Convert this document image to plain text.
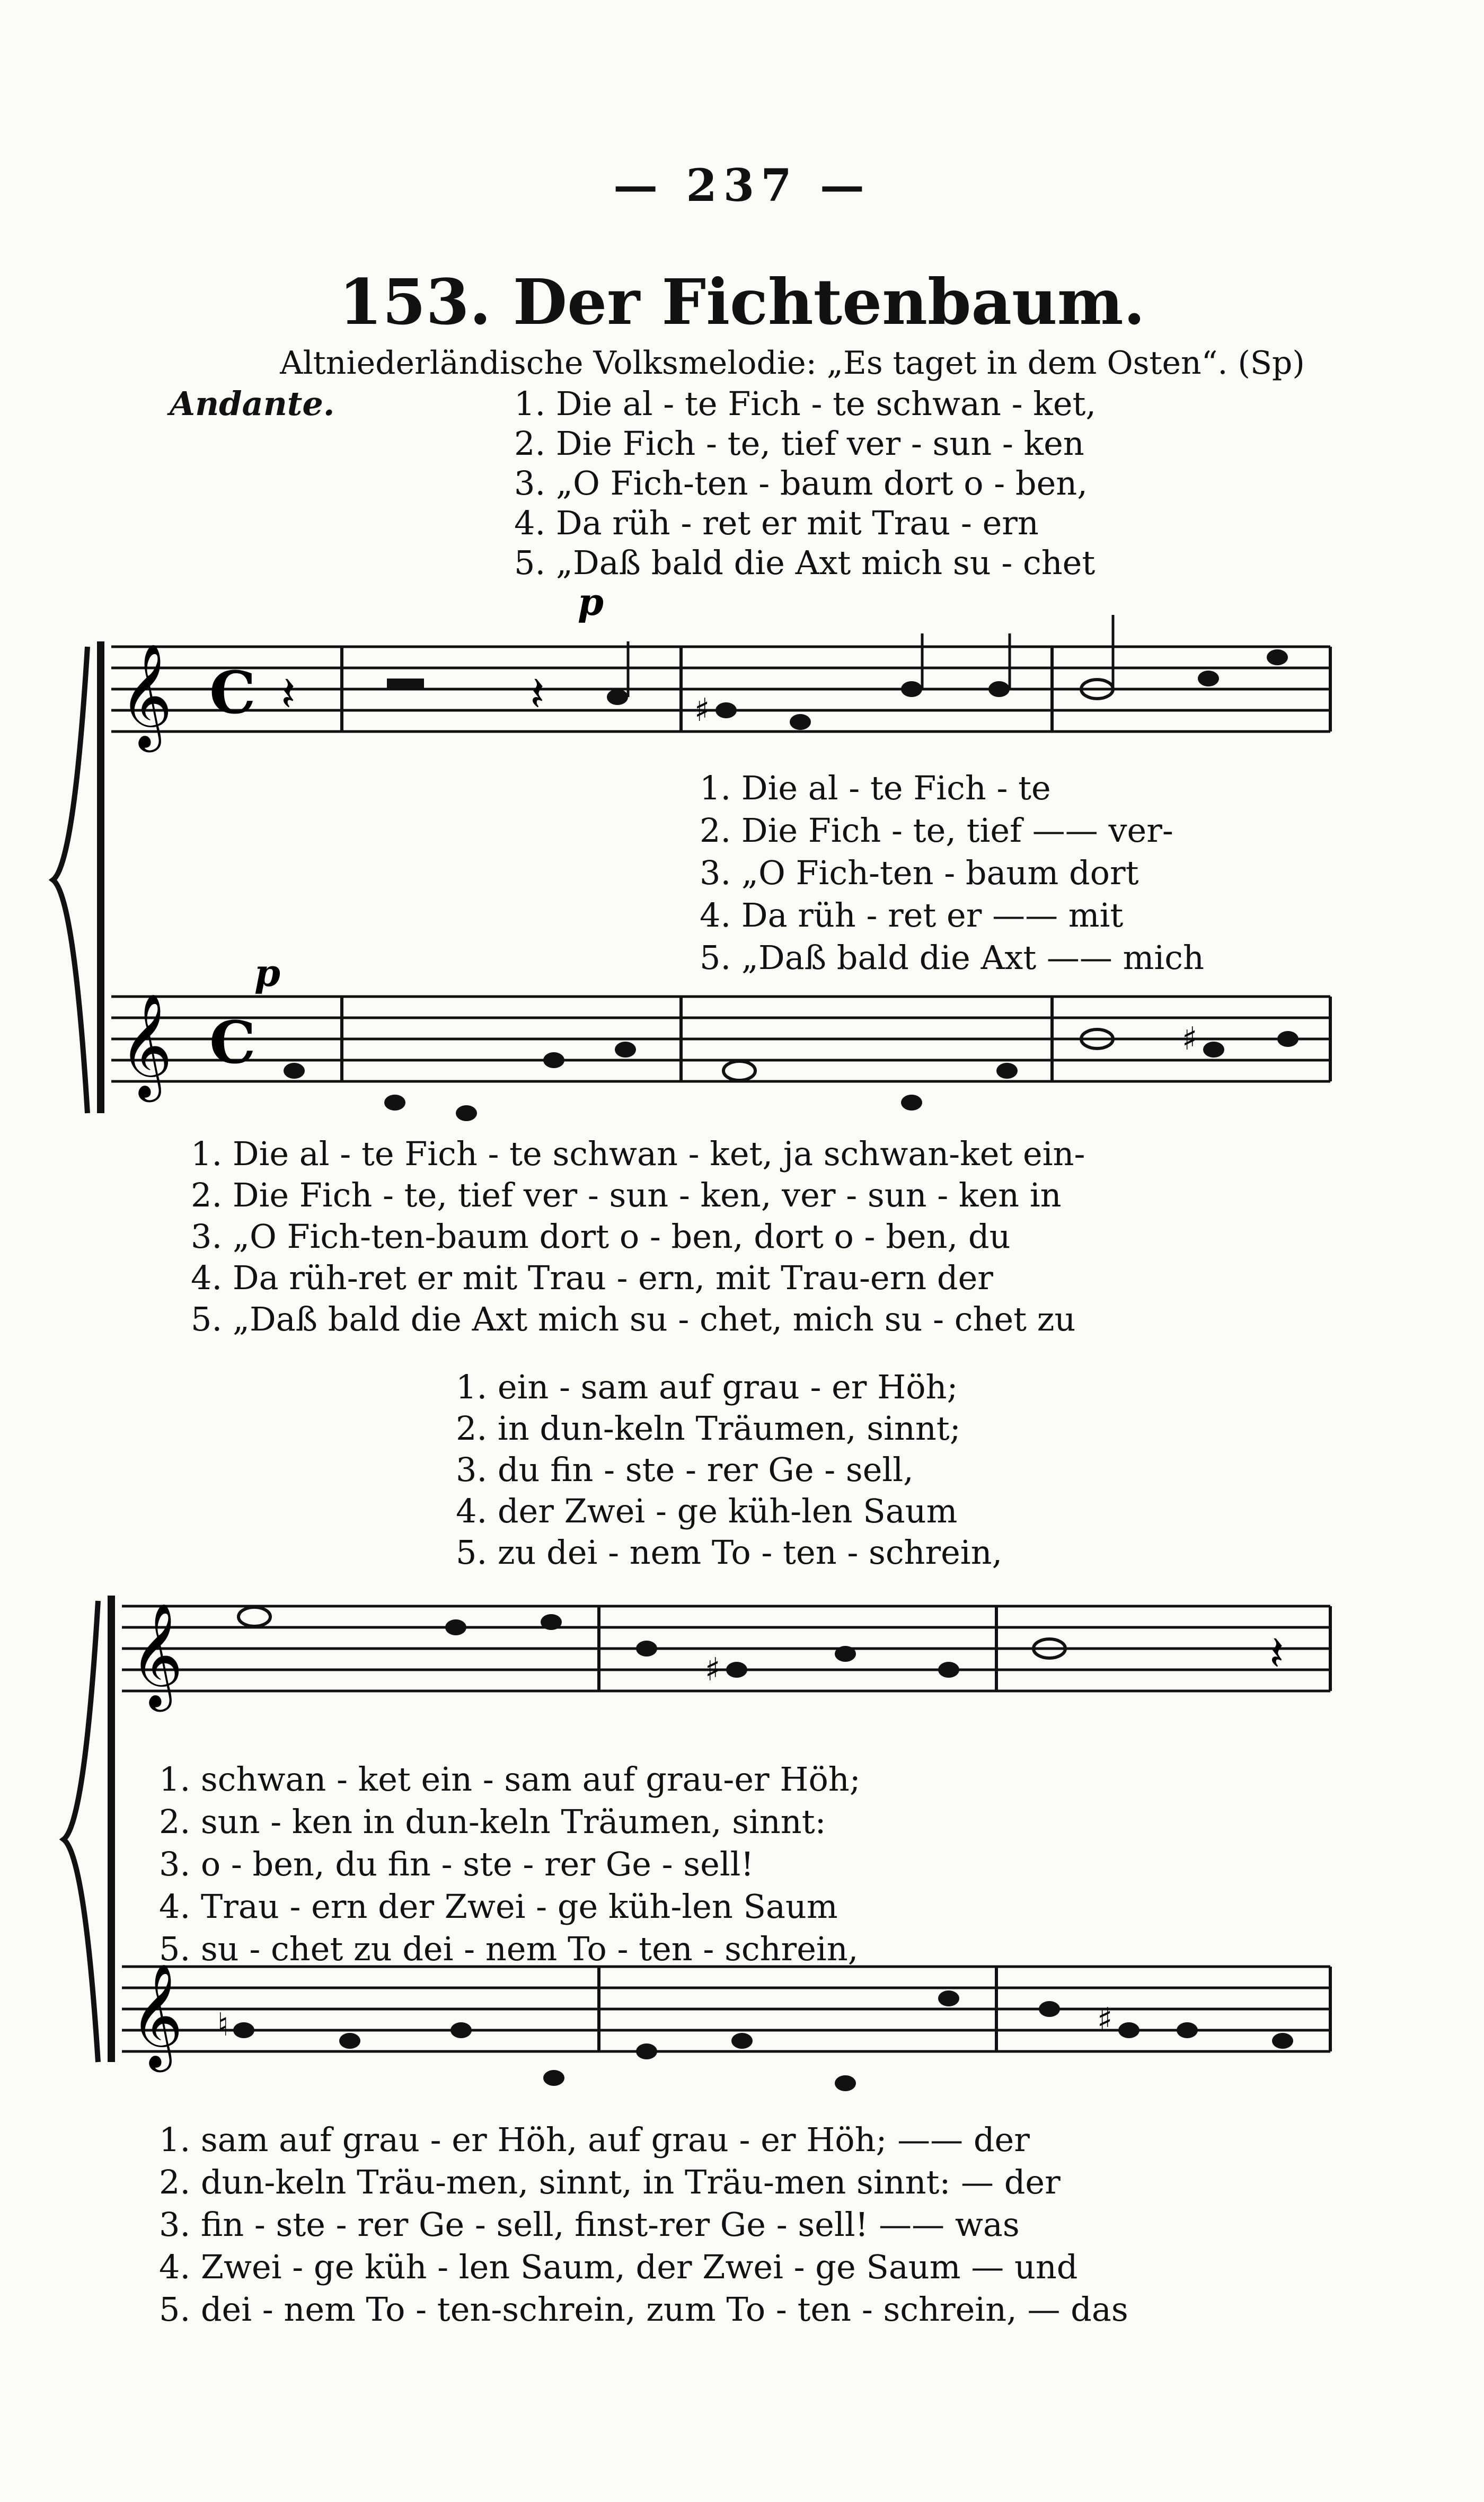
— 237 —
153. Der Fichtenbaum.
Altniederländische Volksmelodie: „Es taget in dem Osten“. (Sp)
Andante.	1. Die al - te Fich - te schwan - ket,
2. Die Fich - te, tief ver - sun - ken
3. „O Fich-ten - baum dort o - ben,
4. Da rüh - ret er mit Trau - ern
5. „Daß bald die Axt mich su - chet
𝄞 C 𝄽	𝄽
p
♯
𝄞 C
p
♯
1. Die al - te Fich - te
2. Die Fich - te, tief —— ver-
3. „O Fich-ten - baum dort
4. Da rüh - ret er —— mit
5. „Daß bald die Axt —— mich
1. Die al - te Fich - te schwan - ket, ja schwan-ket ein-
2. Die Fich - te, tief ver - sun - ken, ver - sun - ken in
3. „O Fich-ten-baum dort o - ben, dort o - ben, du
4. Da rüh-ret er mit Trau - ern, mit Trau-ern der
5. „Daß bald die Axt mich su - chet, mich su - chet zu
1. ein - sam auf grau - er Höh;
2. in dun-keln Träumen, sinnt;
3. du fin - ste - rer Ge - sell,
4. der Zwei - ge küh-len Saum
5. zu dei - nem To - ten - schrein,
𝄞	♯	𝄽
𝄞 ♮	♯
1. schwan - ket ein - sam auf grau-er Höh;
2. sun - ken in dun-keln Träumen, sinnt:
3. o - ben, du fin - ste - rer Ge - sell!
4. Trau - ern der Zwei - ge küh-len Saum
5. su - chet zu dei - nem To - ten - schrein,
1. sam auf grau - er Höh, auf grau - er Höh; —— der
2. dun-keln Träu-men, sinnt, in Träu-men sinnt: — der
3. fin - ste - rer Ge - sell, finst-rer Ge - sell! —— was
4. Zwei - ge küh - len Saum, der Zwei - ge Saum — und
5. dei - nem To - ten-schrein, zum To - ten - schrein, — das
